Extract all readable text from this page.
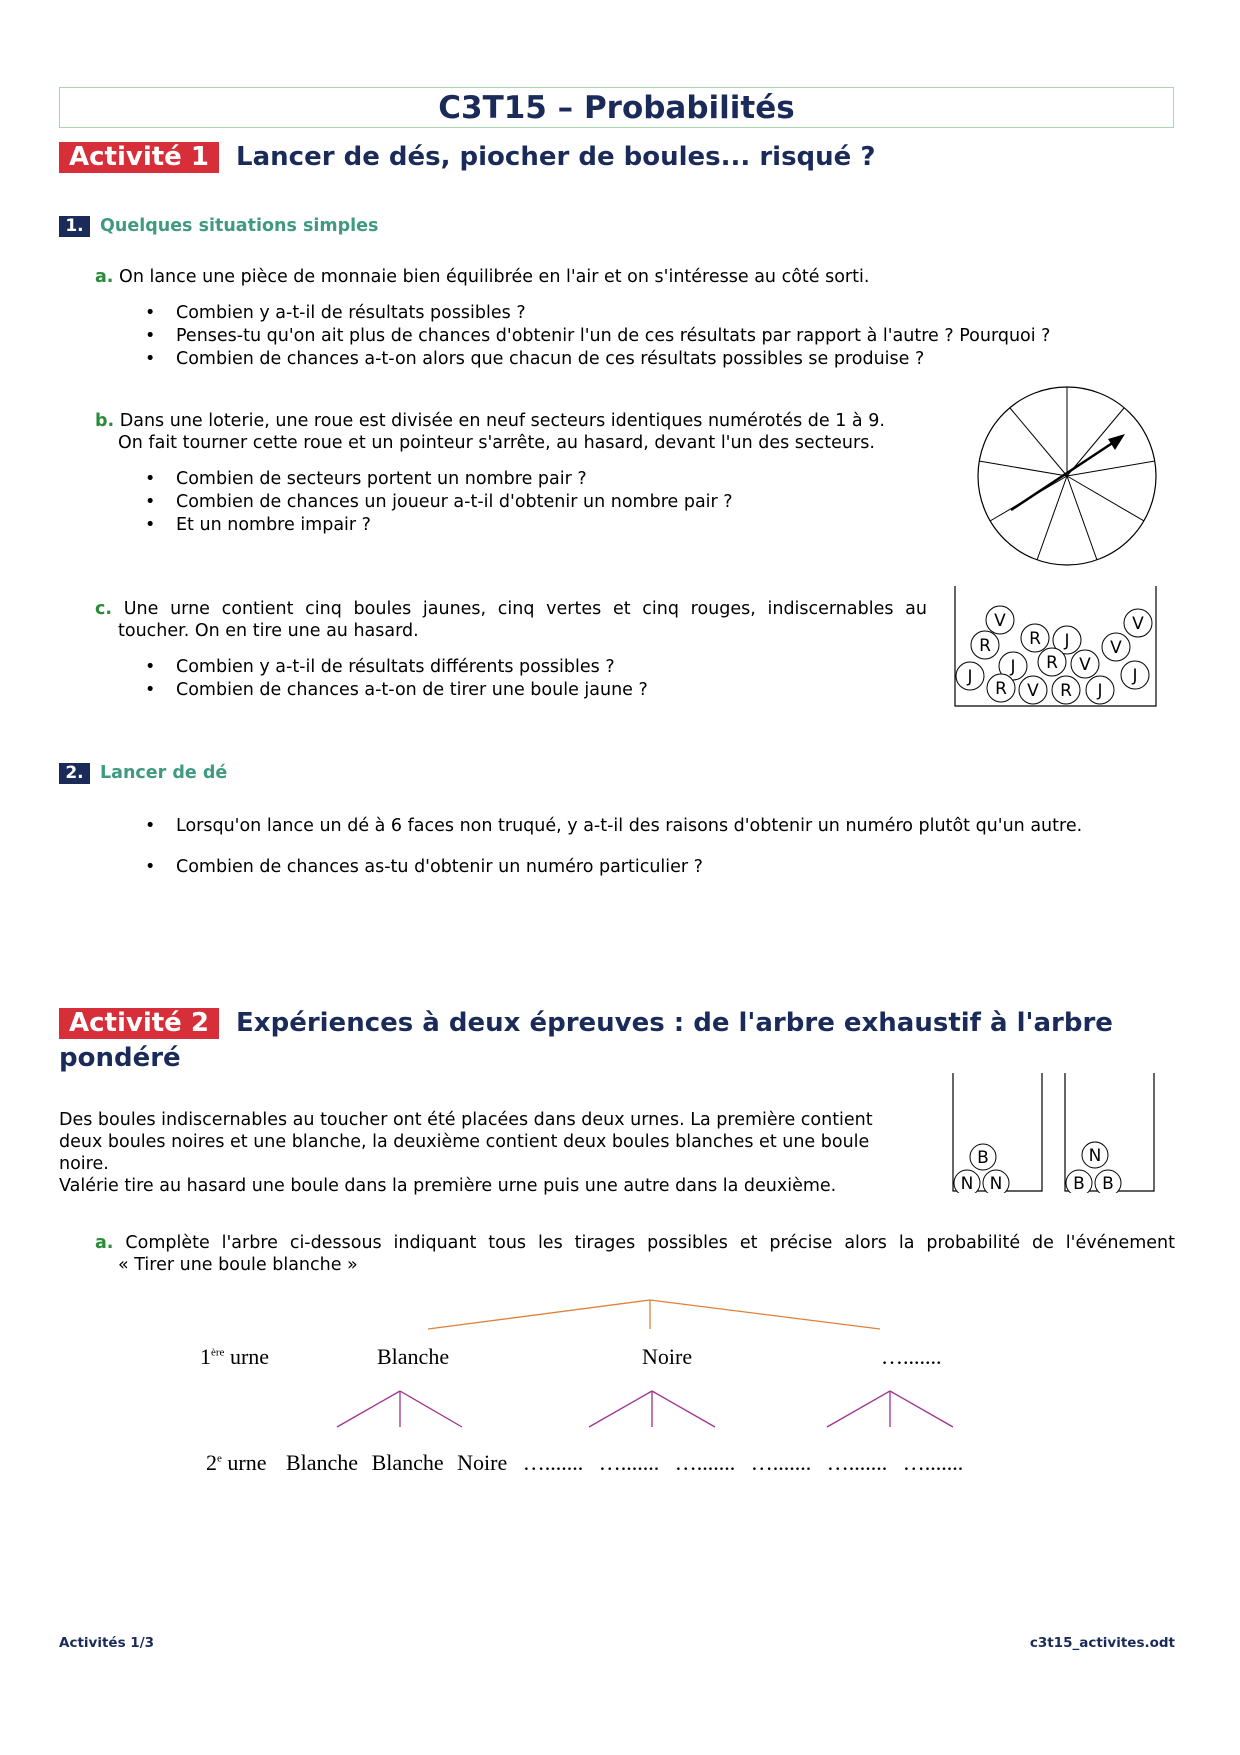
C3T15 – Probabilités
Activité 1 Lancer de dés, piocher de boules... risqué ?
1. Quelques situations simples
a. On lance une pièce de monnaie bien équilibrée en l'air et on s'intéresse au côté sorti.
• Combien y a-t-il de résultats possibles ?
• Penses-tu qu'on ait plus de chances d'obtenir l'un de ces résultats par rapport à l'autre ? Pourquoi ?
• Combien de chances a-t-on alors que chacun de ces résultats possibles se produise ?
b. Dans une loterie, une roue est divisée en neuf secteurs identiques numérotés de 1 à 9.
On fait tourner cette roue et un pointeur s'arrête, au hasard, devant l'un des secteurs.
• Combien de secteurs portent un nombre pair ?
• Combien de chances un joueur a-t-il d'obtenir un nombre pair ?
• Et un nombre impair ?
c. Une urne contient cinq boules jaunes, cinq vertes et cinq rouges, indiscernables au
toucher. On en tire une au hasard.
• Combien y a-t-il de résultats différents possibles ?
• Combien de chances a-t-on de tirer une boule jaune ?
V	V
R J
R	V
J R V
J	J
R V R J
2. Lancer de dé
• Lorsqu'on lance un dé à 6 faces non truqué, y a-t-il des raisons d'obtenir un numéro plutôt qu'un autre.
• Combien de chances as-tu d'obtenir un numéro particulier ?
Activité 2 Expériences à deux épreuves : de l'arbre exhaustif à l'arbre
pondéré
Des boules indiscernables au toucher ont été placées dans deux urnes. La première contient
deux boules noires et une blanche, la deuxième contient deux boules blanches et une boule
noire.
Valérie tire au hasard une boule dans la première urne puis une autre dans la deuxième.
B
N N
N
B B
a. Complète l'arbre ci-dessous indiquant tous les tirages possibles et précise alors la probabilité de l'événement
« Tirer une boule blanche »
1ère urne	Blanche	Noire	….......
2e urne Blanche Blanche Noire …....... …....... …....... …....... …....... ….......
Activités 1/3	c3t15_activites.odt
